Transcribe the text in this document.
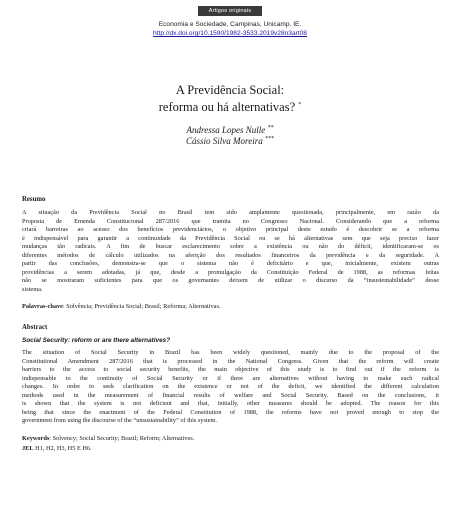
Artigos originais
Economia e Sociedade, Campinas, Unicamp. IE.
http://dx.doi.org/10.1590/1982-3533.2019v28n3art08
A Previdência Social:
reforma ou há alternativas? *
Andressa Lopes Nulle **
Cássio Silva Moreira ***
Resumo
A situação da Previdência Social no Brasil tem sido amplamente questionada, principalmente, em razão da
Proposta de Emenda Constitucional 287/2016 que tramita no Congresso Nacional. Considerando que a reforma
criará barreiras ao acesso dos benefícios previdenciários, o objetivo principal deste estudo é descobrir se a reforma
é indispensável para garantir a continuidade da Previdência Social ou se há alternativas sem que seja preciso fazer
mudanças tão radicais. A fim de buscar esclarecimento sobre a existência ou não do déficit, identificaram-se os
diferentes métodos de cálculo utilizados na aferição dos resultados financeiros da previdência e da seguridade. A
partir das conclusões, demonstra-se que o sistema não é deficitário e que, inicialmente, existem outras
providências a serem adotadas, já que, desde a promulgação da Constituição Federal de 1988, as reformas feitas
não se mostraram suficientes para que os governantes deixem de utilizar o discurso da “insustentabilidade” desse
sistema.
Palavras-chave: Solvência; Previdência Social; Brasil; Reforma; Alternativas.
Abstract
Social Security: reform or are there alternatives?
The situation of Social Security in Brazil has been widely questioned, mainly due to the proposal of the
Constitutional Amendment 287/2016 that is processed in the National Congress. Given that the reform will create
barriers to the access to social security benefits, the main objective of this study is to find out if the reform is
indispensable to the continuity of Social Security or if there are alternatives without having to make such radical
changes. In order to seek clarification on the existence or not of the deficit, we identified the different calculation
methods used in the measurement of financial results of welfare and Social Security. Based on the conclusions, it
is shown that the system is not deficient and that, initially, other measures should be adopted. The reason for this
being that since the enactment of the Federal Constitution of 1988, the reforms have not proved enough to stop the
government from using the discourse of the “unsustainability” of this system.
Keywords: Solvency; Social Security; Brazil; Reform; Alternatives.
JEL H1, H2, H3, H5 E H6.
